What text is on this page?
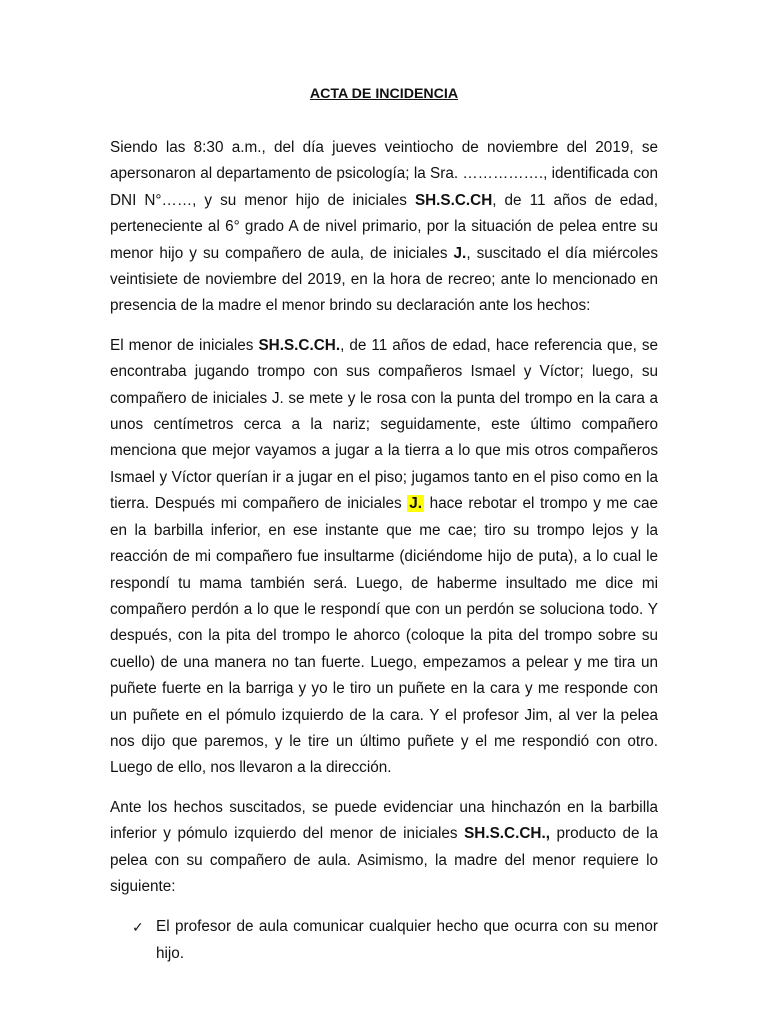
ACTA DE INCIDENCIA

Siendo las 8:30 a.m., del día jueves veintiocho de noviembre del 2019, se apersonaron al departamento de psicología; la Sra. ……………., identificada con DNI N°……, y su menor hijo de iniciales SH.S.C.CH, de 11 años de edad, perteneciente al 6° grado A de nivel primario, por la situación de pelea entre su menor hijo y su compañero de aula, de iniciales J., suscitado el día miércoles veintisiete de noviembre del 2019, en la hora de recreo; ante lo mencionado en presencia de la madre el menor brindo su declaración ante los hechos:

El menor de iniciales SH.S.C.CH., de 11 años de edad, hace referencia que, se encontraba jugando trompo con sus compañeros Ismael y Víctor; luego, su compañero de iniciales J. se mete y le rosa con la punta del trompo en la cara a unos centímetros cerca a la nariz; seguidamente, este último compañero menciona que mejor vayamos a jugar a la tierra a lo que mis otros compañeros Ismael y Víctor querían ir a jugar en el piso; jugamos tanto en el piso como en la tierra. Después mi compañero de iniciales J. hace rebotar el trompo y me cae en la barbilla inferior, en ese instante que me cae; tiro su trompo lejos y la reacción de mi compañero fue insultarme (diciéndome hijo de puta), a lo cual le respondí tu mama también será. Luego, de haberme insultado me dice mi compañero perdón a lo que le respondí que con un perdón se soluciona todo. Y después, con la pita del trompo le ahorco (coloque la pita del trompo sobre su cuello) de una manera no tan fuerte. Luego, empezamos a pelear y me tira un puñete fuerte en la barriga y yo le tiro un puñete en la cara y me responde con un puñete en el pómulo izquierdo de la cara. Y el profesor Jim, al ver la pelea nos dijo que paremos, y le tire un último puñete y el me respondió con otro. Luego de ello, nos llevaron a la dirección.

Ante los hechos suscitados, se puede evidenciar una hinchazón en la barbilla inferior y pómulo izquierdo del menor de iniciales SH.S.C.CH., producto de la pelea con su compañero de aula. Asimismo, la madre del menor requiere lo siguiente:

✓ El profesor de aula comunicar cualquier hecho que ocurra con su menor hijo.
